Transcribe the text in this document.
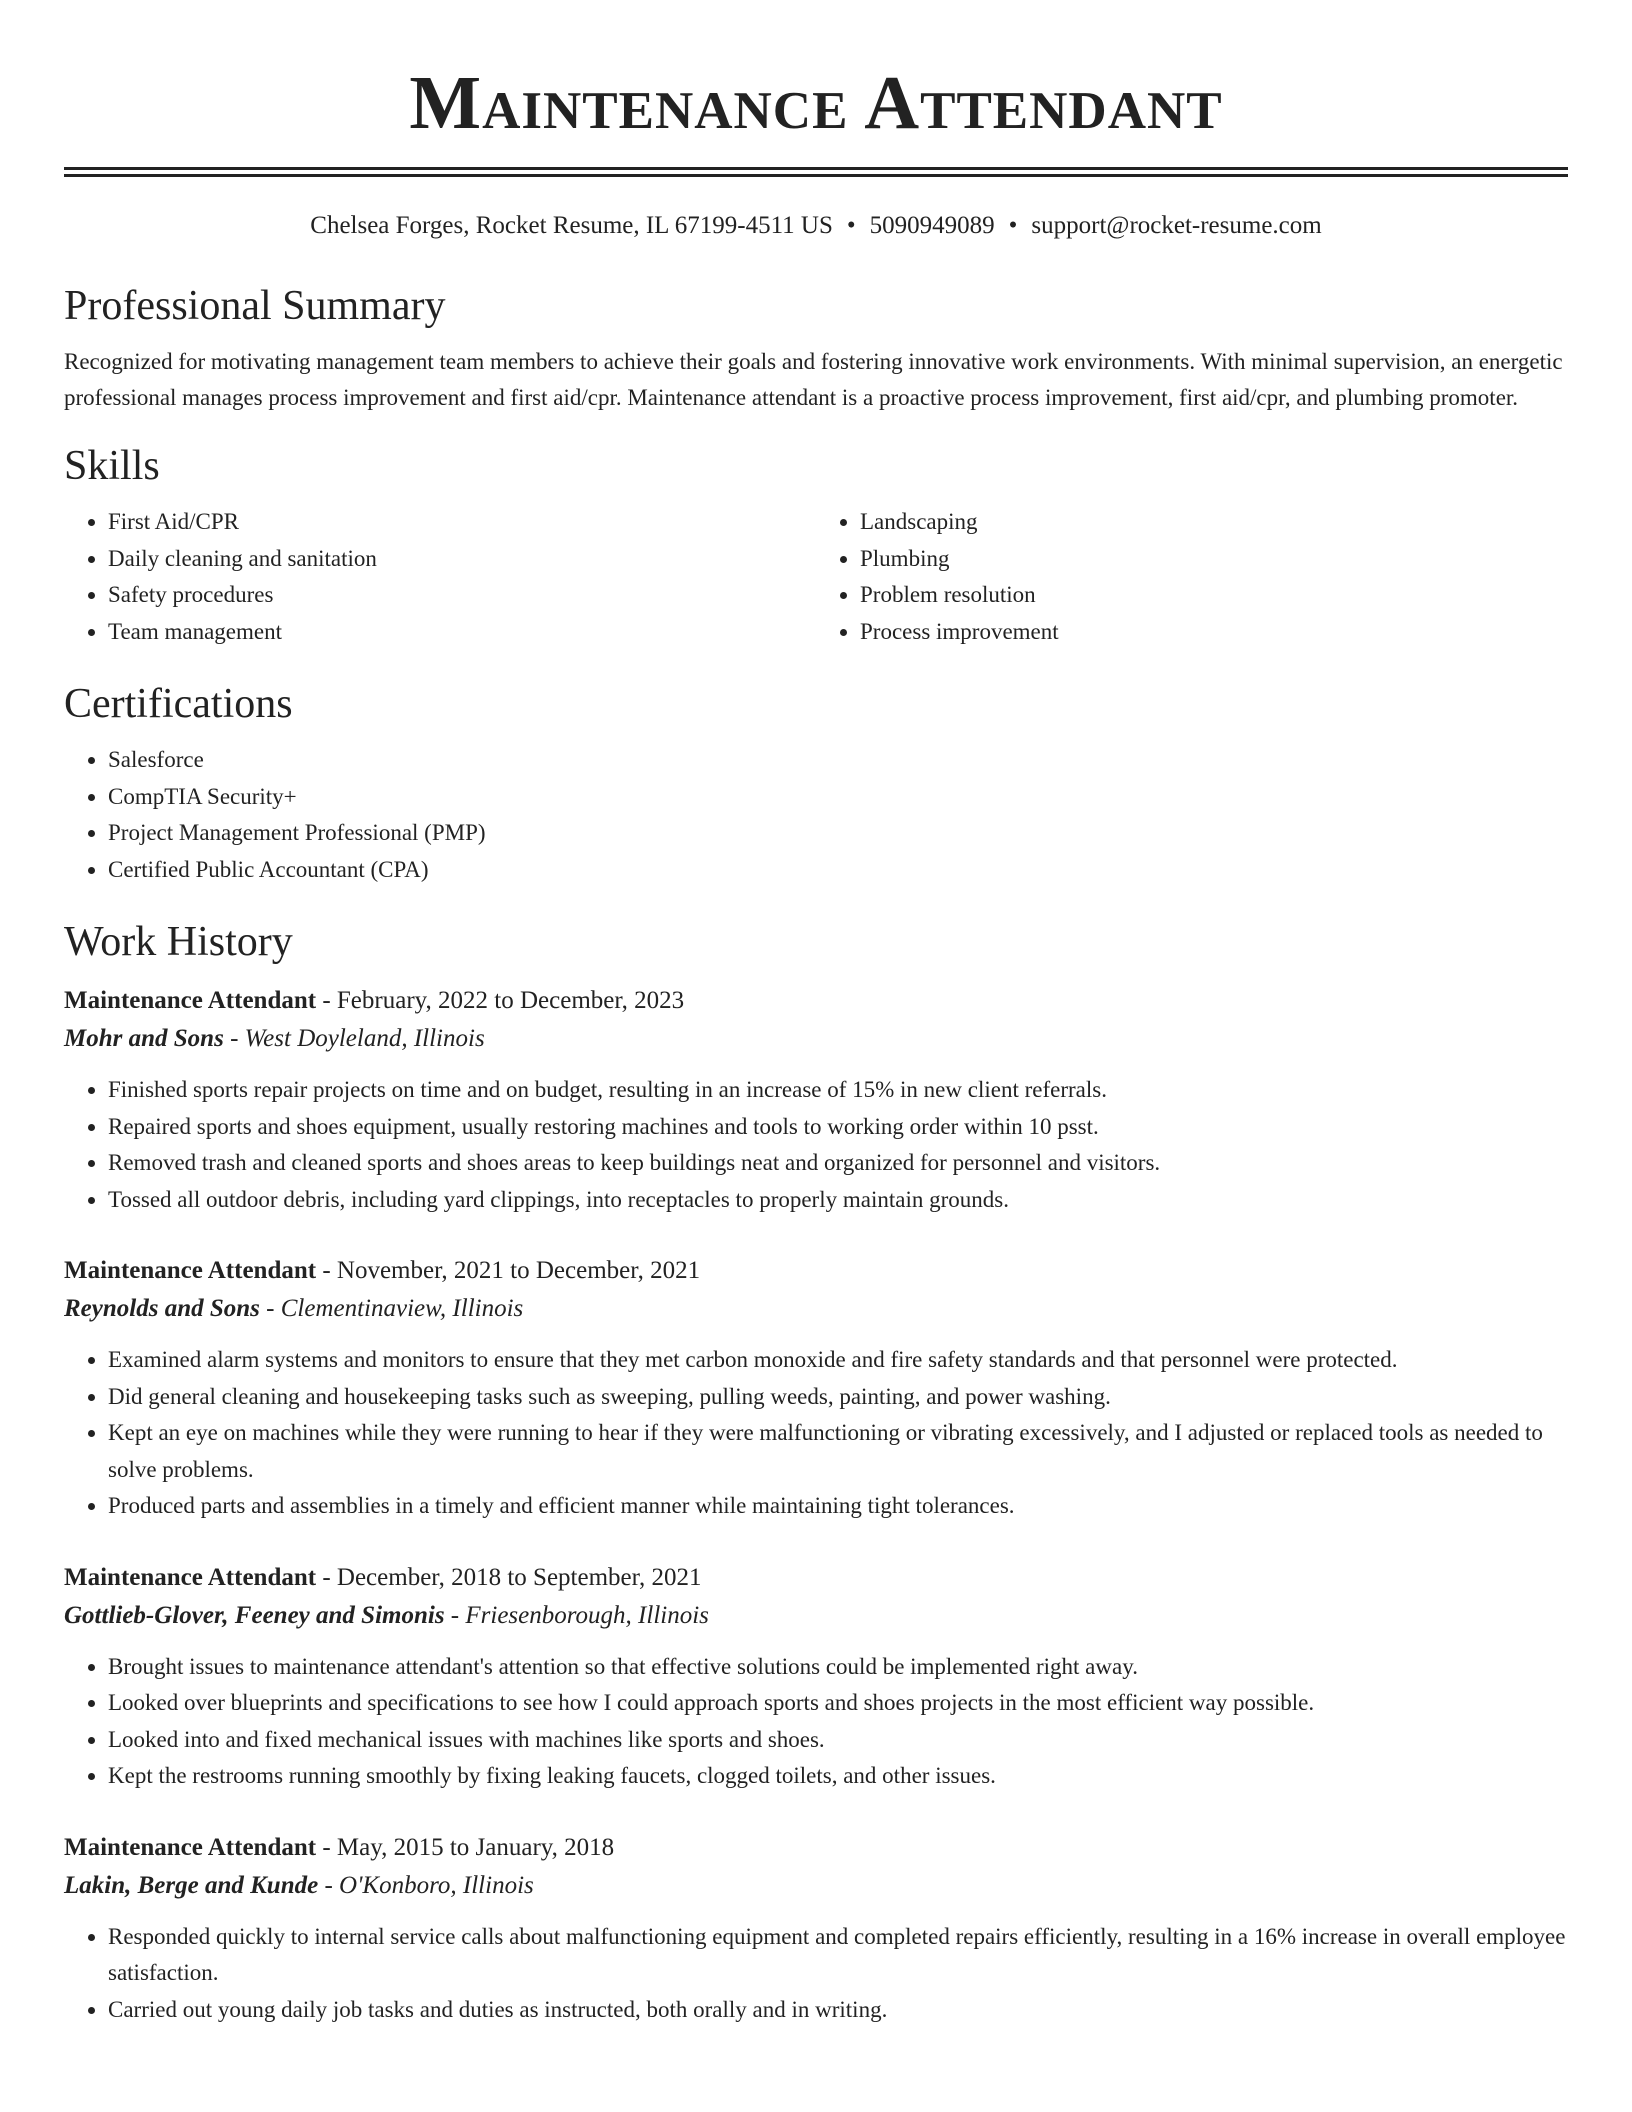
Maintenance Attendant
Chelsea Forges, Rocket Resume, IL 67199-4511 US • 5090949089 • support@rocket-resume.com
Professional Summary

Recognized for motivating management team members to achieve their goals and fostering innovative work environments. With minimal supervision, an energetic professional manages process improvement and first aid/cpr. Maintenance attendant is a proactive process improvement, first aid/cpr, and plumbing promoter.

Skills
• First Aid/CPR
• Daily cleaning and sanitation
• Safety procedures
• Team management
• Landscaping
• Plumbing
• Problem resolution
• Process improvement
Certifications
• Salesforce
• CompTIA Security+
• Project Management Professional (PMP)
• Certified Public Accountant (CPA)
Work History
Maintenance Attendant - February, 2022 to December, 2023
Mohr and Sons - West Doyleland, Illinois
• Finished sports repair projects on time and on budget, resulting in an increase of 15% in new client referrals.
• Repaired sports and shoes equipment, usually restoring machines and tools to working order within 10 psst.
• Removed trash and cleaned sports and shoes areas to keep buildings neat and organized for personnel and visitors.
• Tossed all outdoor debris, including yard clippings, into receptacles to properly maintain grounds.
Maintenance Attendant - November, 2021 to December, 2021
Reynolds and Sons - Clementinaview, Illinois
• Examined alarm systems and monitors to ensure that they met carbon monoxide and fire safety standards and that personnel were protected.
• Did general cleaning and housekeeping tasks such as sweeping, pulling weeds, painting, and power washing.
• Kept an eye on machines while they were running to hear if they were malfunctioning or vibrating excessively, and I adjusted or replaced tools as needed to solve problems.
• Produced parts and assemblies in a timely and efficient manner while maintaining tight tolerances.
Maintenance Attendant - December, 2018 to September, 2021
Gottlieb-Glover, Feeney and Simonis - Friesenborough, Illinois
• Brought issues to maintenance attendant's attention so that effective solutions could be implemented right away.
• Looked over blueprints and specifications to see how I could approach sports and shoes projects in the most efficient way possible.
• Looked into and fixed mechanical issues with machines like sports and shoes.
• Kept the restrooms running smoothly by fixing leaking faucets, clogged toilets, and other issues.
Maintenance Attendant - May, 2015 to January, 2018
Lakin, Berge and Kunde - O'Konboro, Illinois
• Responded quickly to internal service calls about malfunctioning equipment and completed repairs efficiently, resulting in a 16% increase in overall employee satisfaction.
• Carried out young daily job tasks and duties as instructed, both orally and in writing.
